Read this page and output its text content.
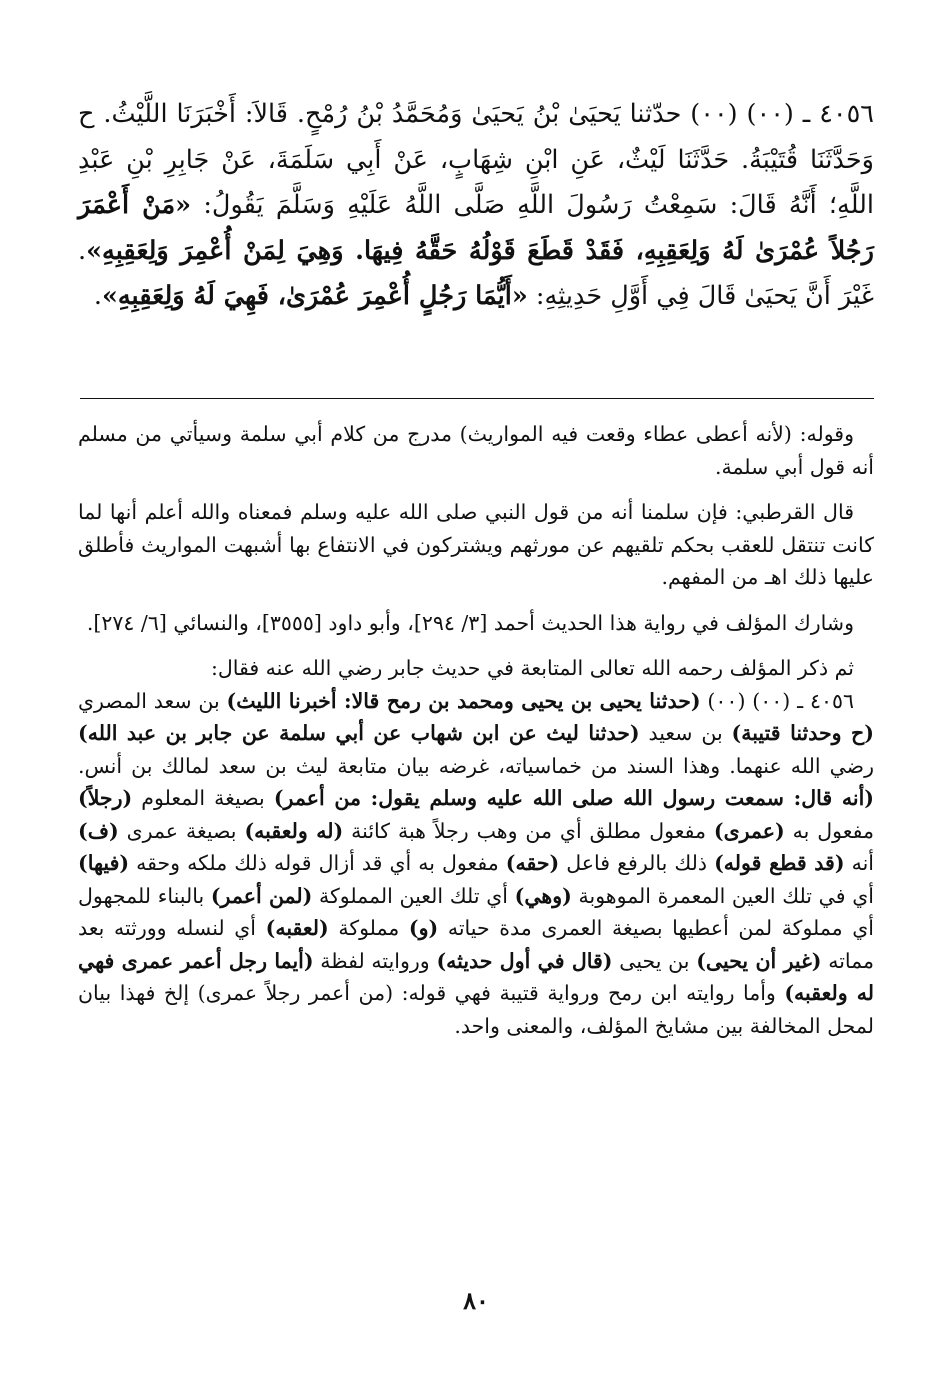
٤٠٥٦ ـ (٠٠) (٠٠) حدّثنا يَحيَىٰ بْنُ يَحيَىٰ وَمُحَمَّدُ بْنُ رُمْحٍ. قَالاَ: أَخْبَرَنَا اللَّيْثُ. ح وَحَدَّثَنَا قُتَيْبَةُ. حَدَّثَنَا لَيْثٌ، عَنِ ابْنِ شِهَابٍ، عَنْ أَبِي سَلَمَةَ، عَنْ جَابِرِ بْنِ عَبْدِ اللَّهِ؛ أَنَّهُ قَالَ: سَمِعْتُ رَسُولَ اللَّهِ صَلَّى اللَّهُ عَلَيْهِ وَسَلَّمَ يَقُولُ: «مَنْ أَعْمَرَ رَجُلاً عُمْرَىٰ لَهُ وَلِعَقِبِهِ، فَقَدْ قَطَعَ قَوْلُهُ حَقَّهُ فِيهَا. وَهِيَ لِمَنْ أُعْمِرَ وَلِعَقِبِهِ». غَيْرَ أَنَّ يَحيَىٰ قَالَ فِي أَوَّلِ حَدِيثِهِ: «أَيُّمَا رَجُلٍ أُعْمِرَ عُمْرَىٰ، فَهِيَ لَهُ وَلِعَقِبِهِ».

وقوله: (لأنه أعطى عطاء وقعت فيه المواريث) مدرج من كلام أبي سلمة وسيأتي من مسلم أنه قول أبي سلمة.

قال القرطبي: فإن سلمنا أنه من قول النبي صلى الله عليه وسلم فمعناه والله أعلم أنها لما كانت تنتقل للعقب بحكم تلقيهم عن مورثهم ويشتركون في الانتفاع بها أشبهت المواريث فأطلق عليها ذلك اهـ من المفهم.

وشارك المؤلف في رواية هذا الحديث أحمد [٣/ ٢٩٤]، وأبو داود [٣٥٥٥]، والنسائي [٦/ ٢٧٤].

ثم ذكر المؤلف رحمه الله تعالى المتابعة في حديث جابر رضي الله عنه فقال:

٤٠٥٦ ـ (٠٠) (٠٠) (حدثنا يحيى بن يحيى ومحمد بن رمح قالا: أخبرنا الليث) بن سعد المصري (ح وحدثنا قتيبة) بن سعيد (حدثنا ليث عن ابن شهاب عن أبي سلمة عن جابر بن عبد الله) رضي الله عنهما. وهذا السند من خماسياته، غرضه بيان متابعة ليث بن سعد لمالك بن أنس. (أنه قال: سمعت رسول الله صلى الله عليه وسلم يقول: من أعمر) بصيغة المعلوم (رجلاً) مفعول به (عمرى) مفعول مطلق أي من وهب رجلاً هبة كائنة (له ولعقبه) بصيغة عمرى (ف) أنه (قد قطع قوله) ذلك بالرفع فاعل (حقه) مفعول به أي قد أزال قوله ذلك ملكه وحقه (فيها) أي في تلك العين المعمرة الموهوبة (وهي) أي تلك العين المملوكة (لمن أعمر) بالبناء للمجهول أي مملوكة لمن أعطيها بصيغة العمرى مدة حياته (و) مملوكة (لعقبه) أي لنسله وورثته بعد مماته (غير أن يحيى) بن يحيى (قال في أول حديثه) وروايته لفظة (أيما رجل أعمر عمرى فهي له ولعقبه) وأما روايته ابن رمح ورواية قتيبة فهي قوله: (من أعمر رجلاً عمرى) إلخ فهذا بيان لمحل المخالفة بين مشايخ المؤلف، والمعنى واحد.

٨٠
